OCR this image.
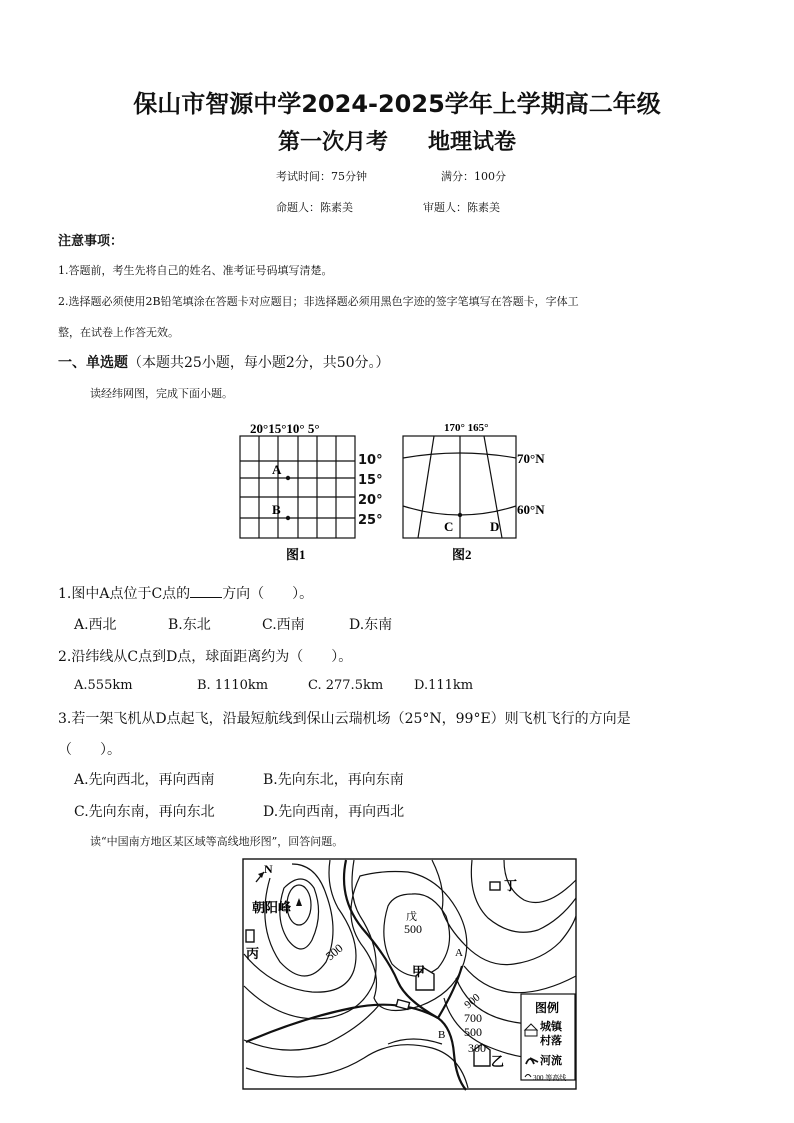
保山市智源中学2024-2025学年上学期高二年级
第一次月考 地理试卷
考试时间：75分钟	满分：100分
命题人：陈素美	审题人：陈素美
注意事项：
1.答题前，考生先将自己的姓名、准考证号码填写清楚。
2.选择题必须使用2B铅笔填涂在答题卡对应题目；非选择题必须用黑色字迹的签字笔填写在答题卡，字体工
整，在试卷上作答无效。
一、单选题（本题共25小题，每小题2分，共50分。）
读经纬网图，完成下面小题。
20°15°10° 5°
A
B
图1
10°
15°
20°
25°
170° 165°
C	D
70°N
60°N
图2
1.图中A点位于C点的 方向（　　）。
A.西北	B.东北	C.西南	D.东南
2.沿纬线从C点到D点，球面距离约为（　　）。
A.555km	B. 1110km	C. 277.5km D.111km
3.若一架飞机从D点起飞，沿最短航线到保山云瑞机场（25°N，99°E）则飞机飞行的方向是
（　　）。
A.先向西北，再向西南	B.先向东北，再向东南
C.先向东南，再向东北	D.先向西南，再向西北
读“中国南方地区某区域等高线地形图”，回答问题。
N
朝阳峰
丁
丙
戊
500
500
甲
A
B
900
700
500
300
乙
图例
城镇
村落
河流
300 等高线
